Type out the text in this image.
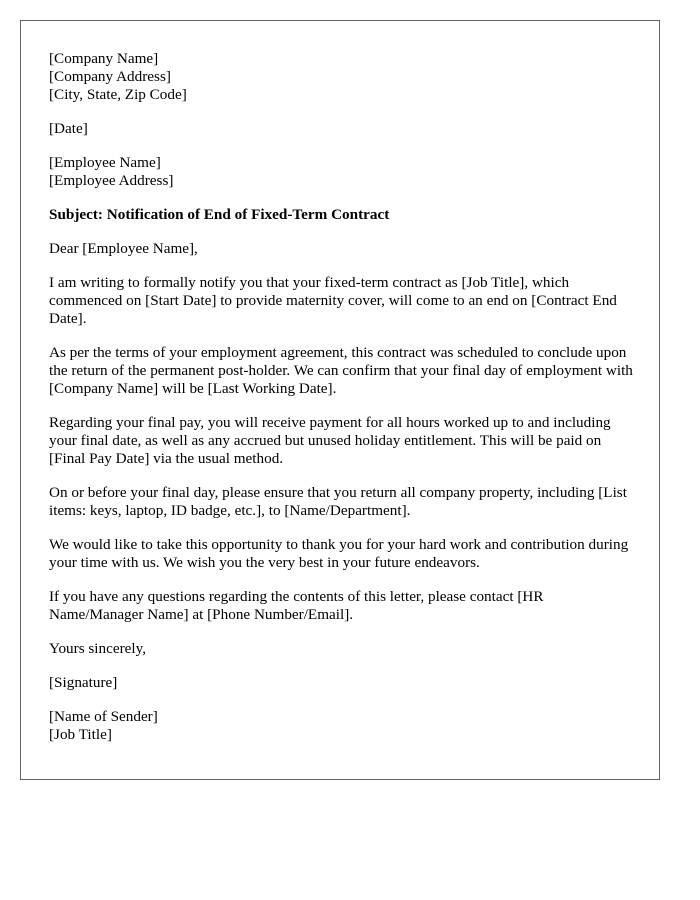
[Company Name]
[Company Address]
[City, State, Zip Code]

[Date]

[Employee Name]
[Employee Address]

Subject: Notification of End of Fixed-Term Contract

Dear [Employee Name],

I am writing to formally notify you that your fixed-term contract as [Job Title], which commenced on [Start Date] to provide maternity cover, will come to an end on [Contract End Date].

As per the terms of your employment agreement, this contract was scheduled to conclude upon the return of the permanent post-holder. We can confirm that your final day of employment with [Company Name] will be [Last Working Date].

Regarding your final pay, you will receive payment for all hours worked up to and including your final date, as well as any accrued but unused holiday entitlement. This will be paid on [Final Pay Date] via the usual method.

On or before your final day, please ensure that you return all company property, including [List items: keys, laptop, ID badge, etc.], to [Name/Department].

We would like to take this opportunity to thank you for your hard work and contribution during your time with us. We wish you the very best in your future endeavors.

If you have any questions regarding the contents of this letter, please contact [HR Name/Manager Name] at [Phone Number/Email].

Yours sincerely,

[Signature]

[Name of Sender]
[Job Title]
